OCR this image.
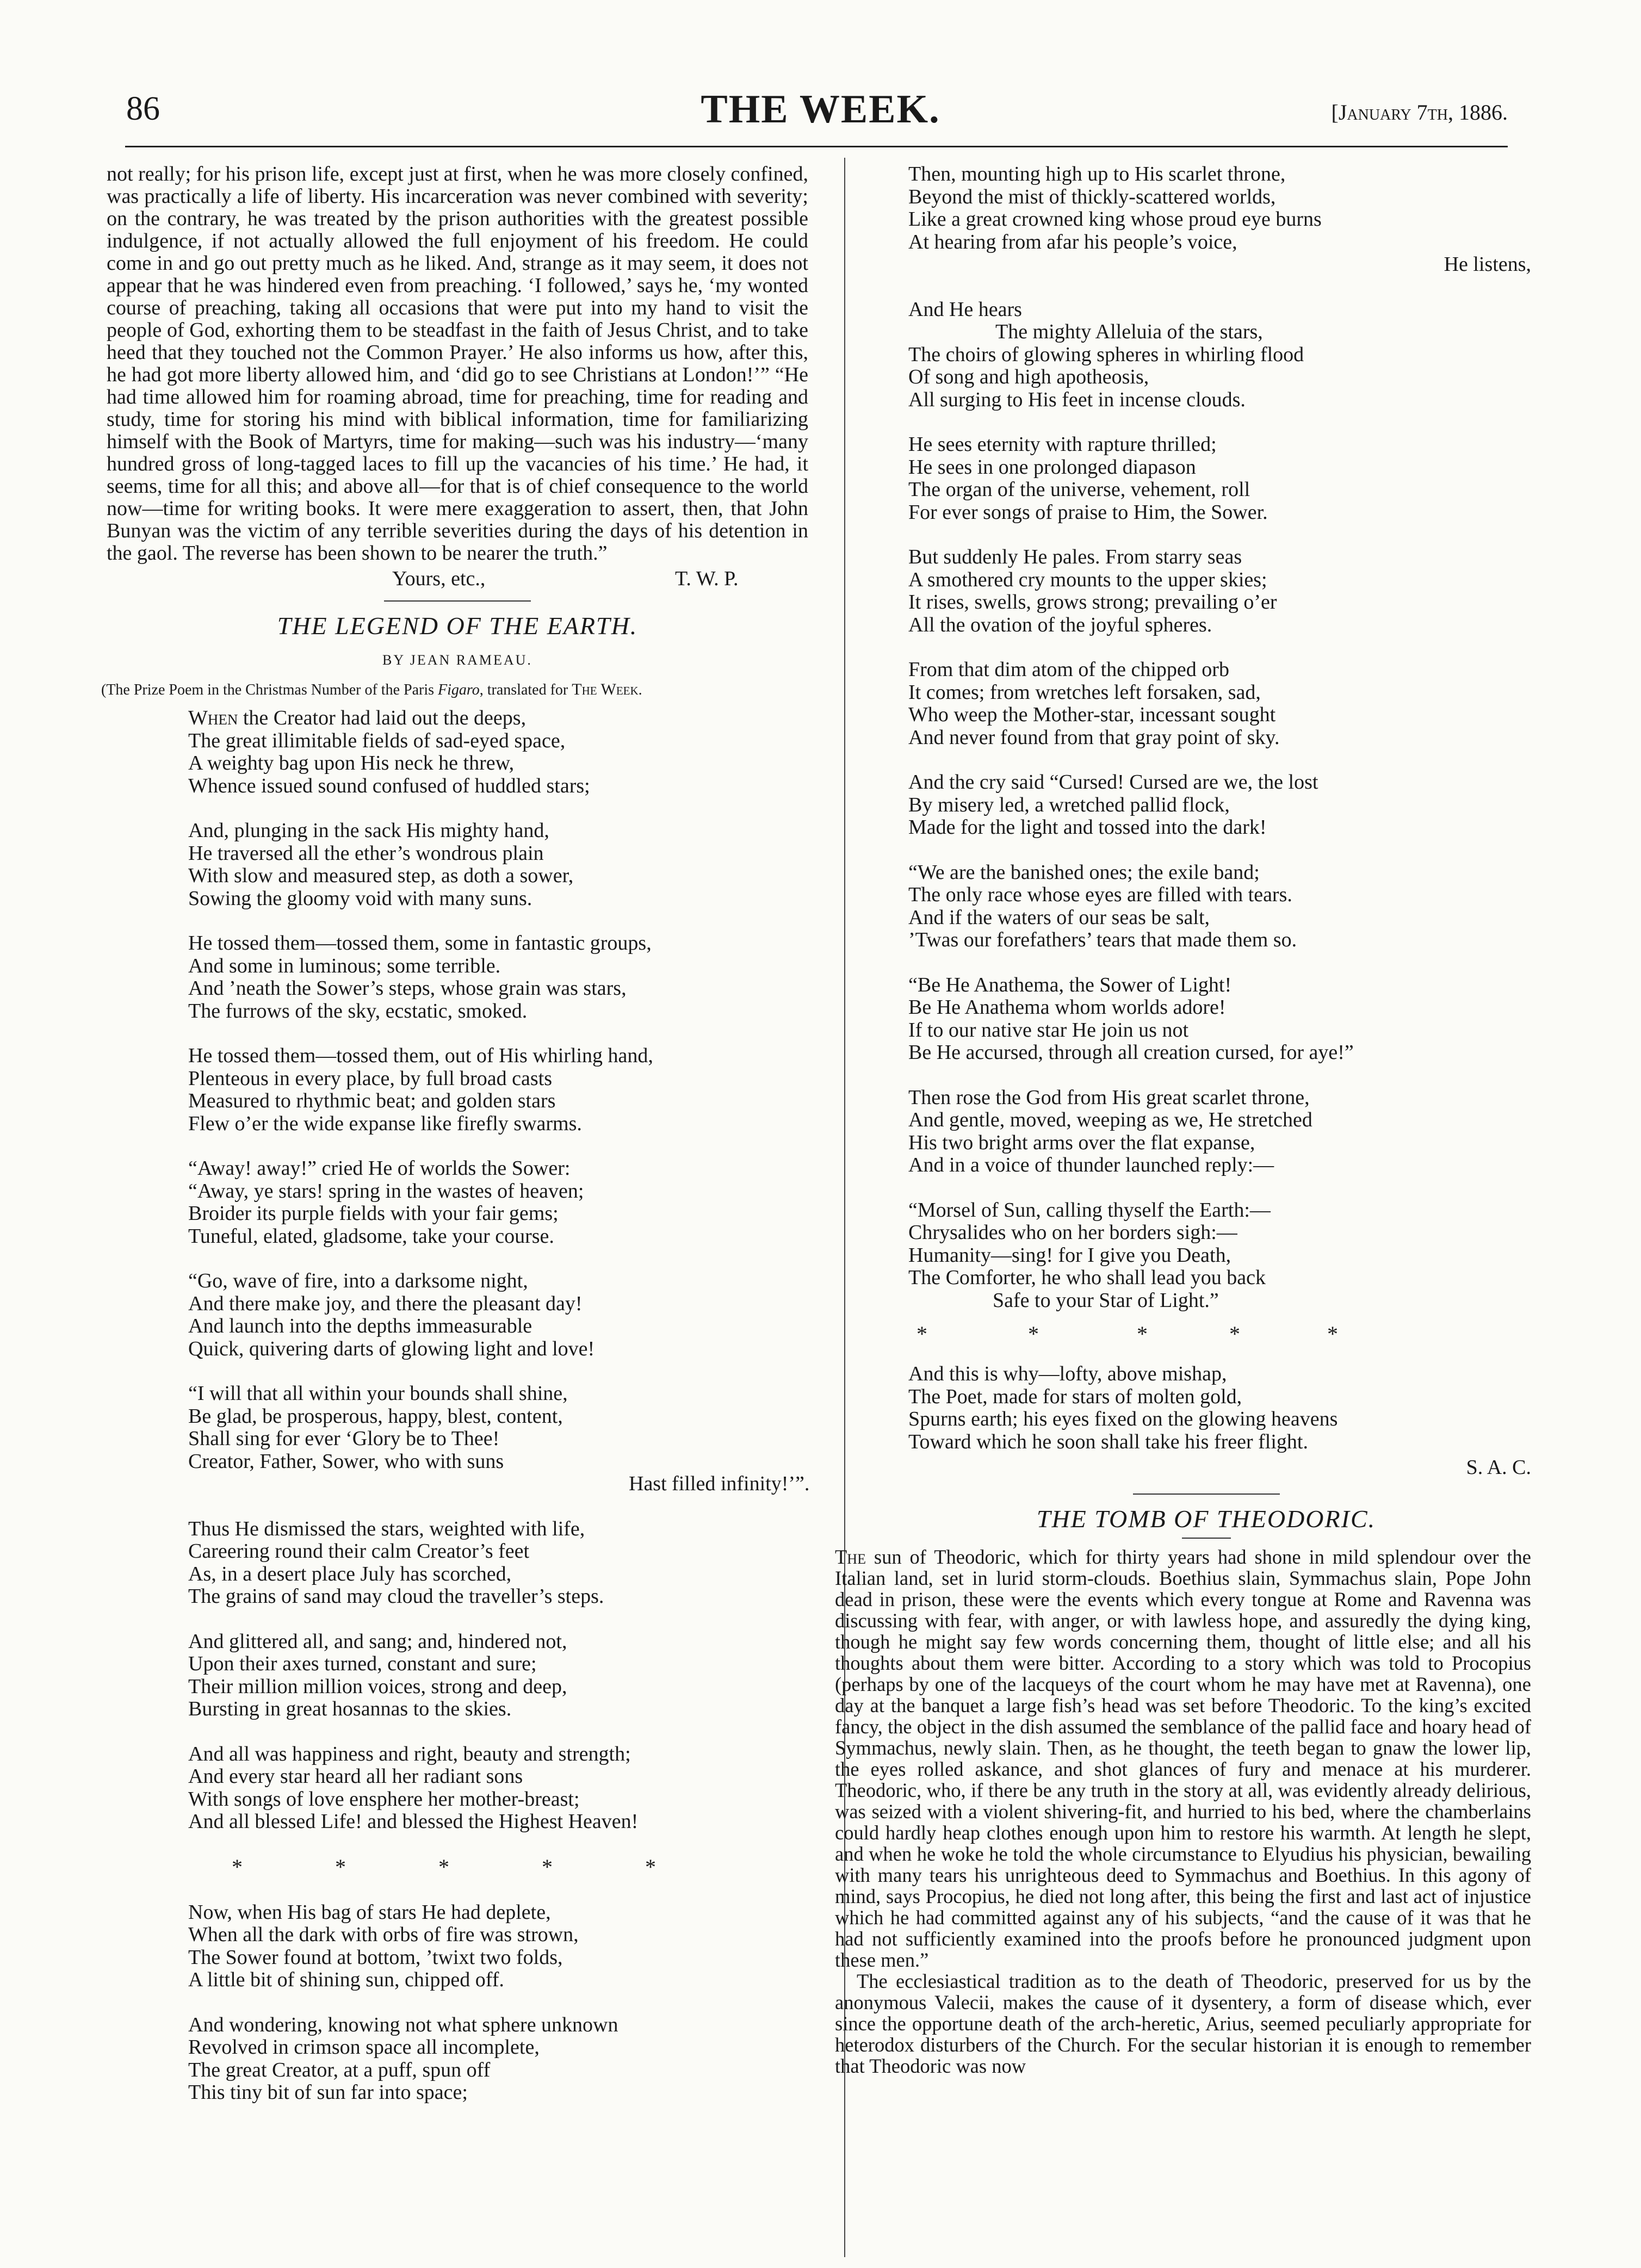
86	THE WEEK.	[January 7th, 1886.

not really; for his prison life, except just at first, when he was more closely confined, was practically a life of liberty. His incarceration was never combined with severity; on the contrary, he was treated by the prison authorities with the greatest possible indulgence, if not actually allowed the full enjoyment of his freedom. He could come in and go out pretty much as he liked. And, strange as it may seem, it does not appear that he was hindered even from preaching. ‘I followed,’ says he, ‘my wonted course of preaching, taking all occasions that were put into my hand to visit the people of God, exhorting them to be steadfast in the faith of Jesus Christ, and to take heed that they touched not the Common Prayer.’ He also informs us how, after this, he had got more liberty allowed him, and ‘did go to see Christians at London!’” “He had time allowed him for roaming abroad, time for preaching, time for reading and study, time for storing his mind with biblical information, time for familiarizing himself with the Book of Martyrs, time for making—such was his industry—‘many hundred gross of long-tagged laces to fill up the vacancies of his time.’ He had, it seems, time for all this; and above all—for that is of chief consequence to the world now—time for writing books. It were mere exaggeration to assert, then, that John Bunyan was the victim of any terrible severities during the days of his detention in the gaol. The reverse has been shown to be nearer the truth.”

Yours, etc.,	T. W. P.
THE LEGEND OF THE EARTH.
BY JEAN RAMEAU.
(The Prize Poem in the Christmas Number of the Paris Figaro, translated for The Week.
When the Creator had laid out the deeps,
The great illimitable fields of sad-eyed space,
A weighty bag upon His neck he threw,
Whence issued sound confused of huddled stars;
And, plunging in the sack His mighty hand,
He traversed all the ether’s wondrous plain
With slow and measured step, as doth a sower,
Sowing the gloomy void with many suns.
He tossed them—tossed them, some in fantastic groups,
And some in luminous; some terrible.
And ’neath the Sower’s steps, whose grain was stars,
The furrows of the sky, ecstatic, smoked.
He tossed them—tossed them, out of His whirling hand,
Plenteous in every place, by full broad casts
Measured to rhythmic beat; and golden stars
Flew o’er the wide expanse like firefly swarms.
“Away! away!” cried He of worlds the Sower:
“Away, ye stars! spring in the wastes of heaven;
Broider its purple fields with your fair gems;
Tuneful, elated, gladsome, take your course.
“Go, wave of fire, into a darksome night,
And there make joy, and there the pleasant day!
And launch into the depths immeasurable
Quick, quivering darts of glowing light and love!
“I will that all within your bounds shall shine,
Be glad, be prosperous, happy, blest, content,
Shall sing for ever ‘Glory be to Thee!
Creator, Father, Sower, who with suns
Hast filled infinity!’”.
Thus He dismissed the stars, weighted with life,
Careering round their calm Creator’s feet
As, in a desert place July has scorched,
The grains of sand may cloud the traveller’s steps.
And glittered all, and sang; and, hindered not,
Upon their axes turned, constant and sure;
Their million million voices, strong and deep,
Bursting in great hosannas to the skies.
And all was happiness and right, beauty and strength;
And every star heard all her radiant sons
With songs of love ensphere her mother-breast;
And all blessed Life! and blessed the Highest Heaven!
*	*	*	*	*
Now, when His bag of stars He had deplete,
When all the dark with orbs of fire was strown,
The Sower found at bottom, ’twixt two folds,
A little bit of shining sun, chipped off.
And wondering, knowing not what sphere unknown
Revolved in crimson space all incomplete,
The great Creator, at a puff, spun off
This tiny bit of sun far into space;
Then, mounting high up to His scarlet throne,
Beyond the mist of thickly-scattered worlds,
Like a great crowned king whose proud eye burns
At hearing from afar his people’s voice,
He listens,
And He hears
The mighty Alleluia of the stars,
The choirs of glowing spheres in whirling flood
Of song and high apotheosis,
All surging to His feet in incense clouds.
He sees eternity with rapture thrilled;
He sees in one prolonged diapason
The organ of the universe, vehement, roll
For ever songs of praise to Him, the Sower.
But suddenly He pales. From starry seas
A smothered cry mounts to the upper skies;
It rises, swells, grows strong; prevailing o’er
All the ovation of the joyful spheres.
From that dim atom of the chipped orb
It comes; from wretches left forsaken, sad,
Who weep the Mother-star, incessant sought
And never found from that gray point of sky.
And the cry said “Cursed! Cursed are we, the lost
By misery led, a wretched pallid flock,
Made for the light and tossed into the dark!
“We are the banished ones; the exile band;
The only race whose eyes are filled with tears.
And if the waters of our seas be salt,
’Twas our forefathers’ tears that made them so.
“Be He Anathema, the Sower of Light!
Be He Anathema whom worlds adore!
If to our native star He join us not
Be He accursed, through all creation cursed, for aye!”
Then rose the God from His great scarlet throne,
And gentle, moved, weeping as we, He stretched
His two bright arms over the flat expanse,
And in a voice of thunder launched reply:—
“Morsel of Sun, calling thyself the Earth:—
Chrysalides who on her borders sigh:—
Humanity—sing! for I give you Death,
The Comforter, he who shall lead you back
Safe to your Star of Light.”
*	*	*	*	*
And this is why—lofty, above mishap,
The Poet, made for stars of molten gold,
Spurns earth; his eyes fixed on the glowing heavens
Toward which he soon shall take his freer flight.
S. A. C.
THE TOMB OF THEODORIC.

The sun of Theodoric, which for thirty years had shone in mild splendour over the Italian land, set in lurid storm-clouds. Boethius slain, Symmachus slain, Pope John dead in prison, these were the events which every tongue at Rome and Ravenna was discussing with fear, with anger, or with lawless hope, and assuredly the dying king, though he might say few words concerning them, thought of little else; and all his thoughts about them were bitter. According to a story which was told to Procopius (perhaps by one of the lacqueys of the court whom he may have met at Ravenna), one day at the banquet a large fish’s head was set before Theodoric. To the king’s excited fancy, the object in the dish assumed the semblance of the pallid face and hoary head of Symmachus, newly slain. Then, as he thought, the teeth began to gnaw the lower lip, the eyes rolled askance, and shot glances of fury and menace at his murderer. Theodoric, who, if there be any truth in the story at all, was evidently already delirious, was seized with a violent shivering-fit, and hurried to his bed, where the chamberlains could hardly heap clothes enough upon him to restore his warmth. At length he slept, and when he woke he told the whole circumstance to Elyudius his physician, bewailing with many tears his unrighteous deed to Symmachus and Boethius. In this agony of mind, says Procopius, he died not long after, this being the first and last act of injustice which he had committed against any of his subjects, “and the cause of it was that he had not sufficiently examined into the proofs before he pronounced judgment upon these men.”

The ecclesiastical tradition as to the death of Theodoric, preserved for us by the anonymous Valecii, makes the cause of it dysentery, a form of disease which, ever since the opportune death of the arch-heretic, Arius, seemed peculiarly appropriate for heterodox disturbers of the Church. For the secular historian it is enough to remember that Theodoric was now
